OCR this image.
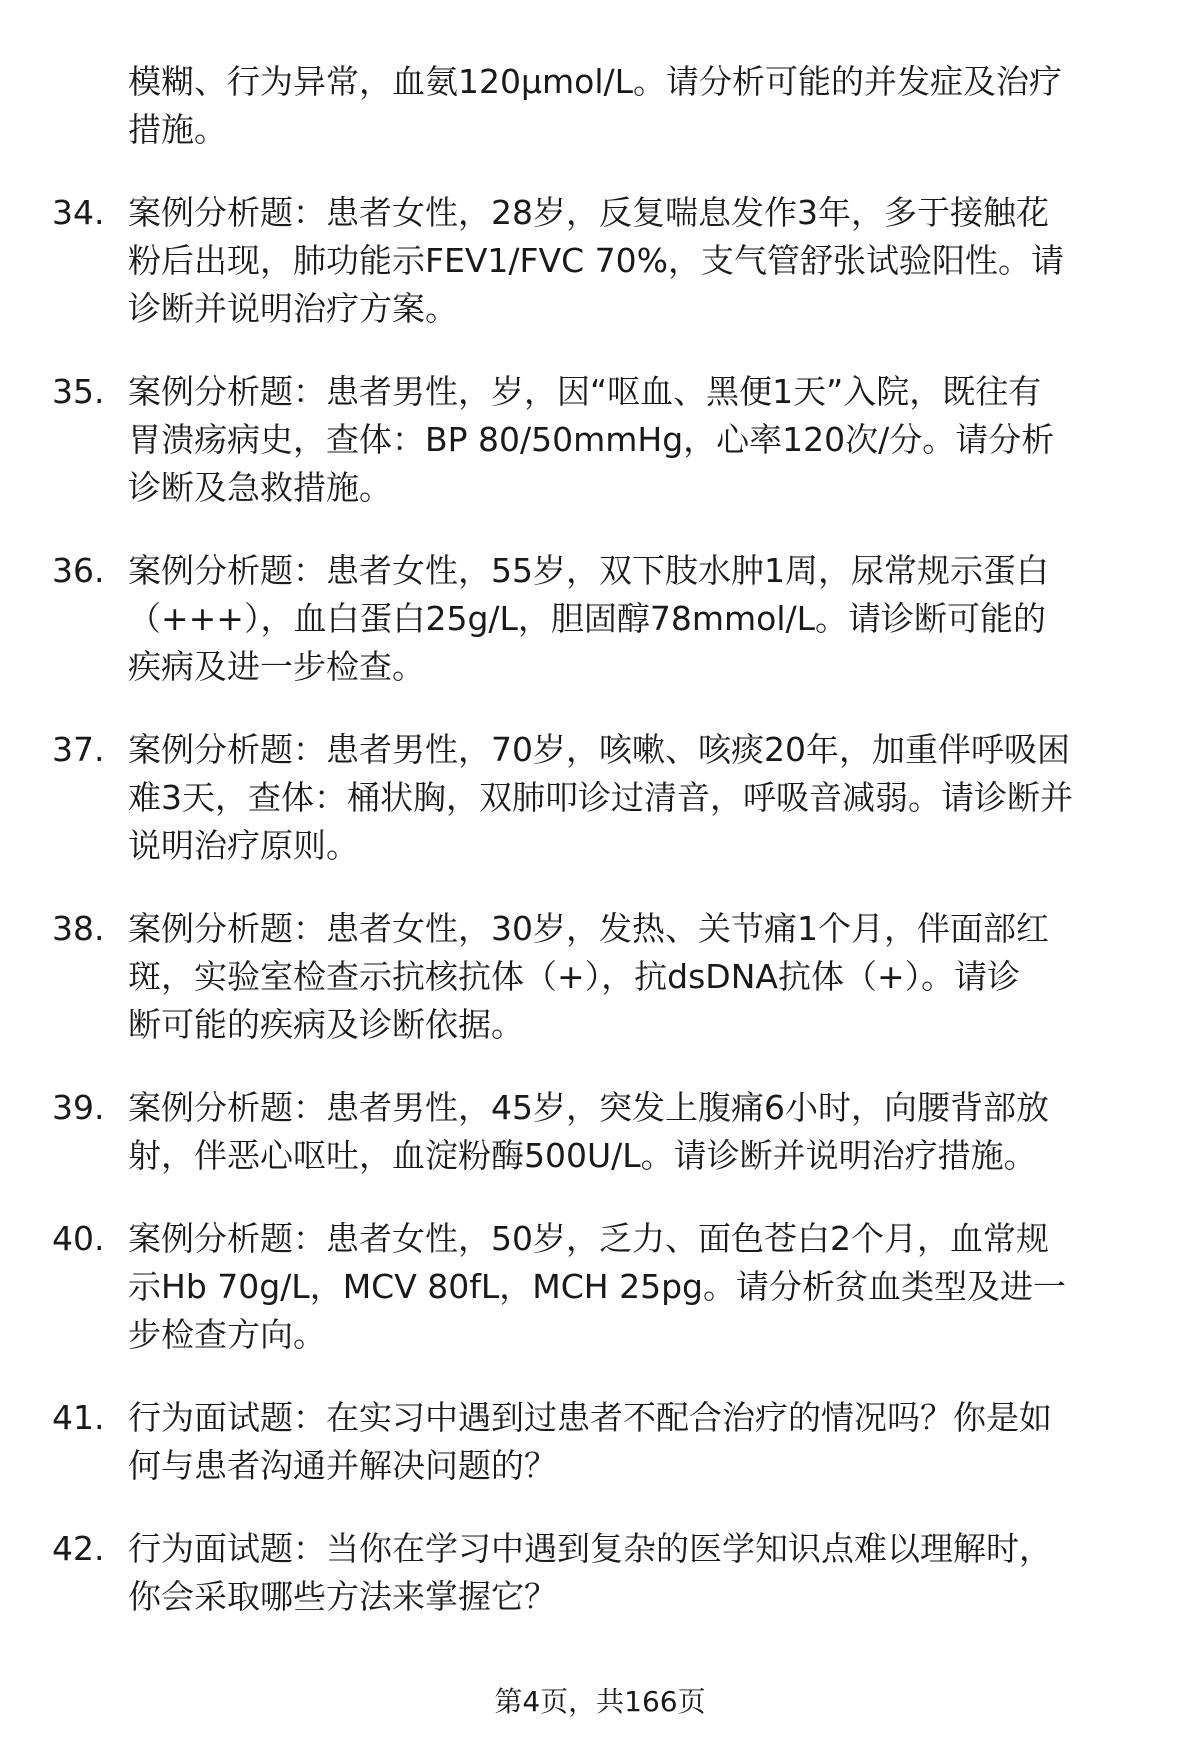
模糊、行为异常，血氨120μmol/L。请分析可能的并发症及治疗
措施。
34. 案例分析题：患者女性，28岁，反复喘息发作3年，多于接触花
粉后出现，肺功能示FEV1/FVC 70%，支气管舒张试验阳性。请
诊断并说明治疗方案。
35. 案例分析题：患者男性，岁，因“呕血、黑便1天”入院，既往有
胃溃疡病史，查体：BP 80/50mmHg，心率120次/分。请分析
诊断及急救措施。
36. 案例分析题：患者女性，55岁，双下肢水肿1周，尿常规示蛋白
（+++），血白蛋白25g/L，胆固醇78mmol/L。请诊断可能的
疾病及进一步检查。
37. 案例分析题：患者男性，70岁，咳嗽、咳痰20年，加重伴呼吸困
难3天，查体：桶状胸，双肺叩诊过清音，呼吸音减弱。请诊断并
说明治疗原则。
38. 案例分析题：患者女性，30岁，发热、关节痛1个月，伴面部红
斑，实验室检查示抗核抗体（+），抗dsDNA抗体（+）。请诊
断可能的疾病及诊断依据。
39. 案例分析题：患者男性，45岁，突发上腹痛6小时，向腰背部放
射，伴恶心呕吐，血淀粉酶500U/L。请诊断并说明治疗措施。
40. 案例分析题：患者女性，50岁，乏力、面色苍白2个月，血常规
示Hb 70g/L，MCV 80fL，MCH 25pg。请分析贫血类型及进一
步检查方向。
41. 行为面试题：在实习中遇到过患者不配合治疗的情况吗？你是如
何与患者沟通并解决问题的？
42. 行为面试题：当你在学习中遇到复杂的医学知识点难以理解时，
你会采取哪些方法来掌握它？
第4页，共166页
